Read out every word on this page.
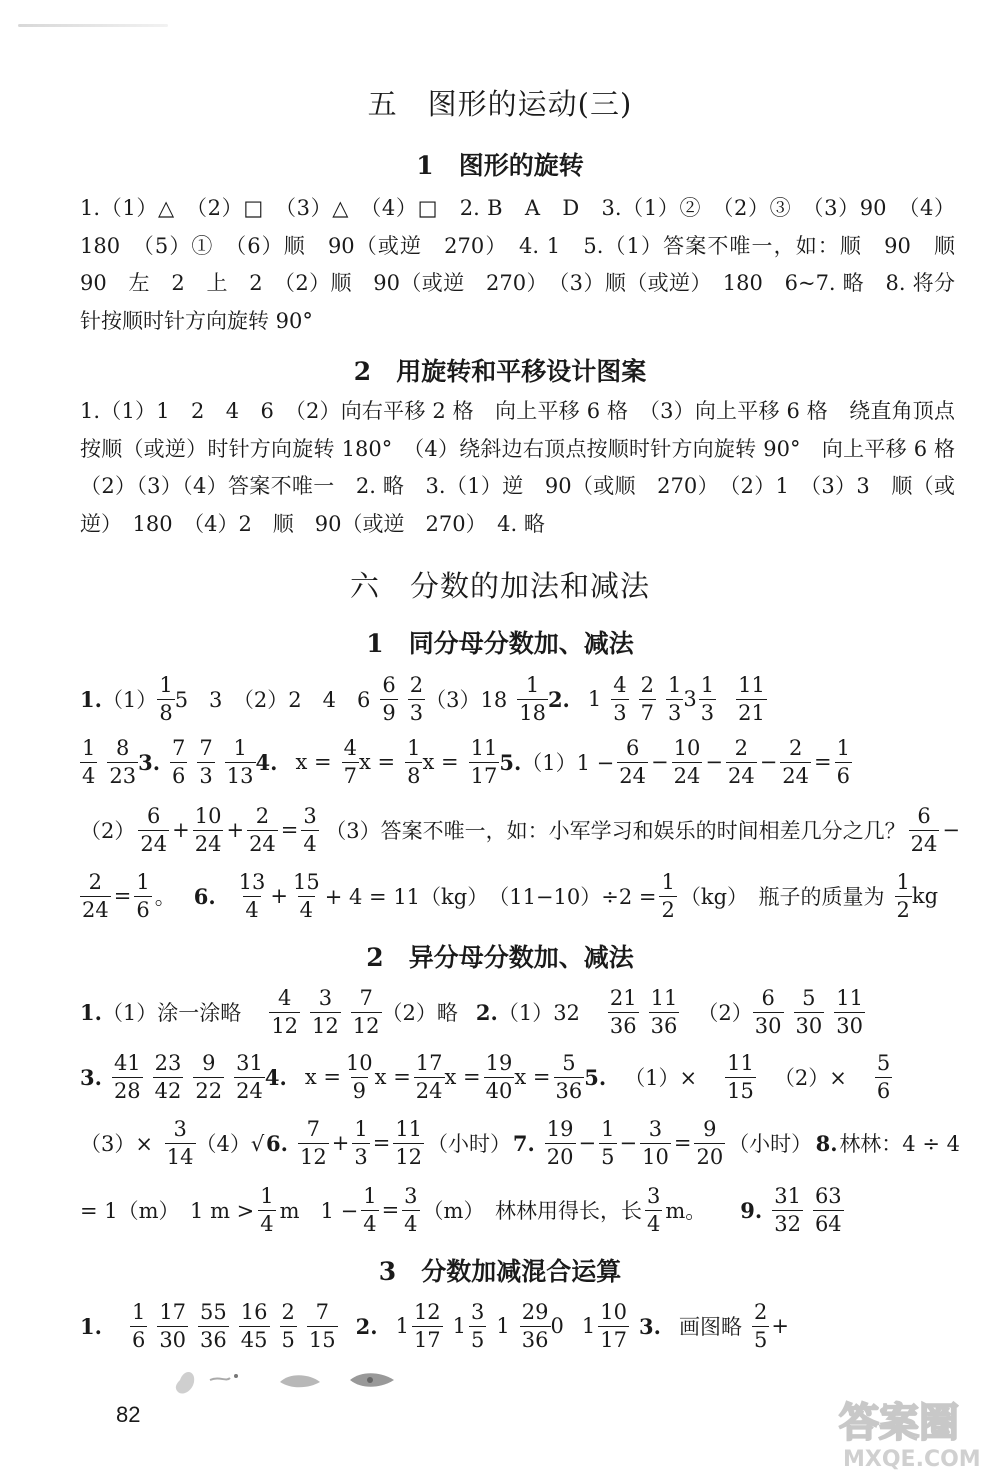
五　图形的运动(三)
1　图形的旋转
1.（1）△　（2）□　（3）△　（4）□　2. B　A　D　3.（1）②　（2）③　（3）90　（4）180　（5）①　（6）顺　90（或逆　270）　4. 1　5.（1）答案不唯一，如：顺　90　顺　90　左　2　上　2　（2）顺　90（或逆　270）　（3）顺（或逆）　180　6~7. 略　8. 将分针按顺时针方向旋转 90°
2　用旋转和平移设计图案
1.（1）1　2　4　6　（2）向右平移 2 格　向上平移 6 格　（3）向上平移 6 格　绕直角顶点按顺（或逆）时针方向旋转 180°　（4）绕斜边右顶点按顺时针方向旋转 90°　向上平移 6 格　（2）（3）（4）答案不唯一　2. 略　3.（1）逆　90（或顺　270）　（2）1　（3）3　顺（或逆）　180　（4）2　顺　90（或逆　270）　4. 略
六　分数的加法和减法
1　同分母分数加、减法
1. （1）
1
8
5　3　（2）2　4　6
6
9
2
3
（3）18
1
18
2. 1
4
3
2
7
1
3
3
1
3
11
21
1
4
8
23
3.
7
6
7
3
1
13
4. $x = \frac{4}{7}$ $x = \frac{1}{8}$ $x = \frac{11}{17} 5$. $(1)1 - \frac{6}{24}$ −
10
24
−
2
24
−
2
24
=
1
6
（2）
6
24
+
10
24
+
2
24
=
3
4
（3）答案不唯一，如：小军学习和娱乐的时间相差几分之几？
6
24
−
2
24
=
1
6
。 6.
13
4
+
15
4
+ 4 = 11（kg）　$(11-10)\div 2 = \frac{1}{2} (kg)$　瓶子的质量为
1
2
kg
2　异分母分数加、减法
1. （1）涂一涂略
4
12
3
12
7
12
（2）略 2. （1）32
21
36
11
36
（2）
6
30
5
30
11
30
3.
41
28
23
42
9
22
31
24
4. $x = \frac{10}{9}$ $x = \frac{17}{24}$ $x = \frac{19}{40}$ $x = \frac{5}{36} 5$. （1）×
11
15
（2）×
5
6
（3）×
3
14
（4）√ 6.
7
12
+
1
3
=
11
12
（小时） 7.
19
20
−
1
5
−
3
10
=
9
20
（小时） 8. 林林：4 ÷ 4
= 1（m）　1 m >
1
4
m　$1 - \frac{1}{4}$ =
3
4
（m）　林林用得长，长
3
4
m。 9.
31
32
63
64
3　分数加减混合运算
1.
1
6
17
30
55
36
16
45
2
5
7
15
2. 1
12
17
1
3
5
1
29
36
0 1
10
17
3. 画图略
2
5
+
82	答案圈
MXQE.COM
